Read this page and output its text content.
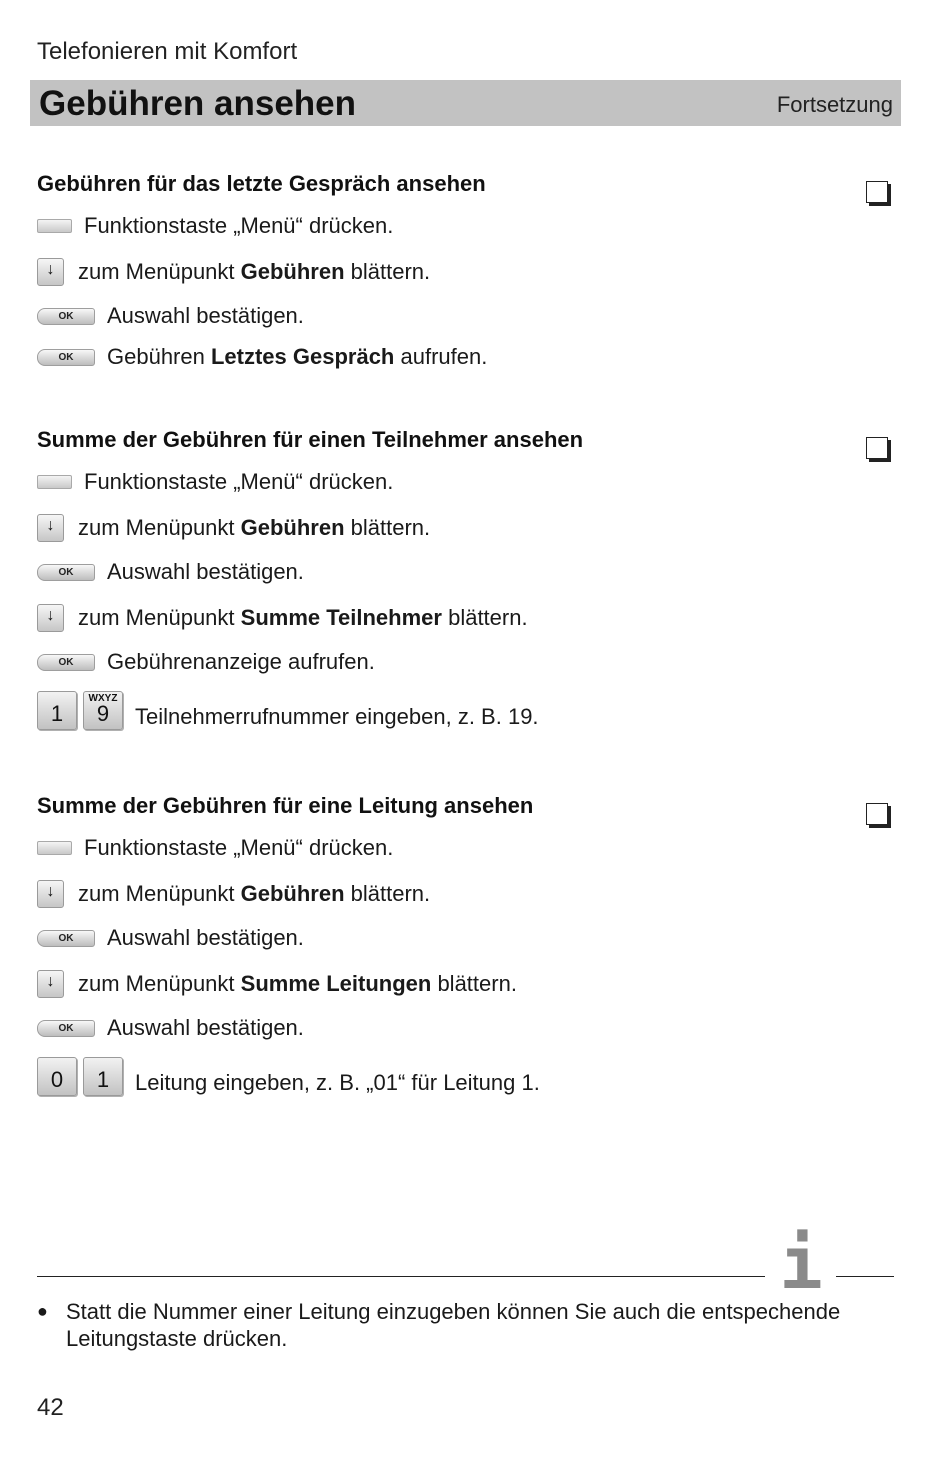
Telefonieren mit Komfort
Gebühren ansehen	Fortsetzung
Gebühren für das letzte Gespräch ansehen
Funktionstaste „Menü“ drücken.
↓	zum Menüpunkt Gebühren blättern.
OK	Auswahl bestätigen.
OK	Gebühren Letztes Gespräch aufrufen.
Summe der Gebühren für einen Teilnehmer ansehen
Funktionstaste „Menü“ drücken.
↓	zum Menüpunkt Gebühren blättern.
OK	Auswahl bestätigen.
↓	zum Menüpunkt Summe Teilnehmer blättern.
OK	Gebührenanzeige aufrufen.
1
WXYZ
9	Teilnehmerrufnummer eingeben, z. B. 19.
Summe der Gebühren für eine Leitung ansehen
Funktionstaste „Menü“ drücken.
↓	zum Menüpunkt Gebühren blättern.
OK	Auswahl bestätigen.
↓	zum Menüpunkt Summe Leitungen blättern.
OK	Auswahl bestätigen.
0	1	Leitung eingeben, z. B. „01“ für Leitung 1.
i
● Statt die Nummer einer Leitung einzugeben können Sie auch die entspechende Leitungstaste drücken.
42
